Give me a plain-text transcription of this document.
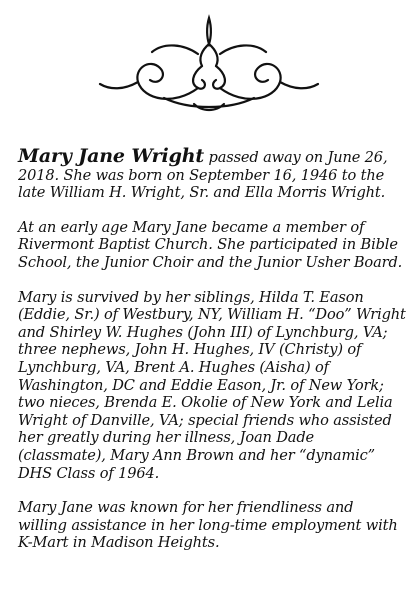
Mary Jane Wright passed away on June 26, 2018. She was born on September 16, 1946 to the late William H. Wright, Sr. and Ella Morris Wright.

At an early age Mary Jane became a member of Rivermont Baptist Church. She participated in Bible School, the Junior Choir and the Junior Usher Board.

Mary is survived by her siblings, Hilda T. Eason (Eddie, Sr.) of Westbury, NY, William H. “Doo” Wright and Shirley W. Hughes (John III) of Lynchburg, VA; three nephews, John H. Hughes, IV (Christy) of Lynchburg, VA, Brent A. Hughes (Aisha) of Washington, DC and Eddie Eason, Jr. of New York; two nieces, Brenda E. Okolie of New York and Lelia Wright of Danville, VA; special friends who assisted her greatly during her illness, Joan Dade (classmate), Mary Ann Brown and her “dynamic” DHS Class of 1964.

Mary Jane was known for her friendliness and willing assistance in her long-time employment with K-Mart in Madison Heights.
